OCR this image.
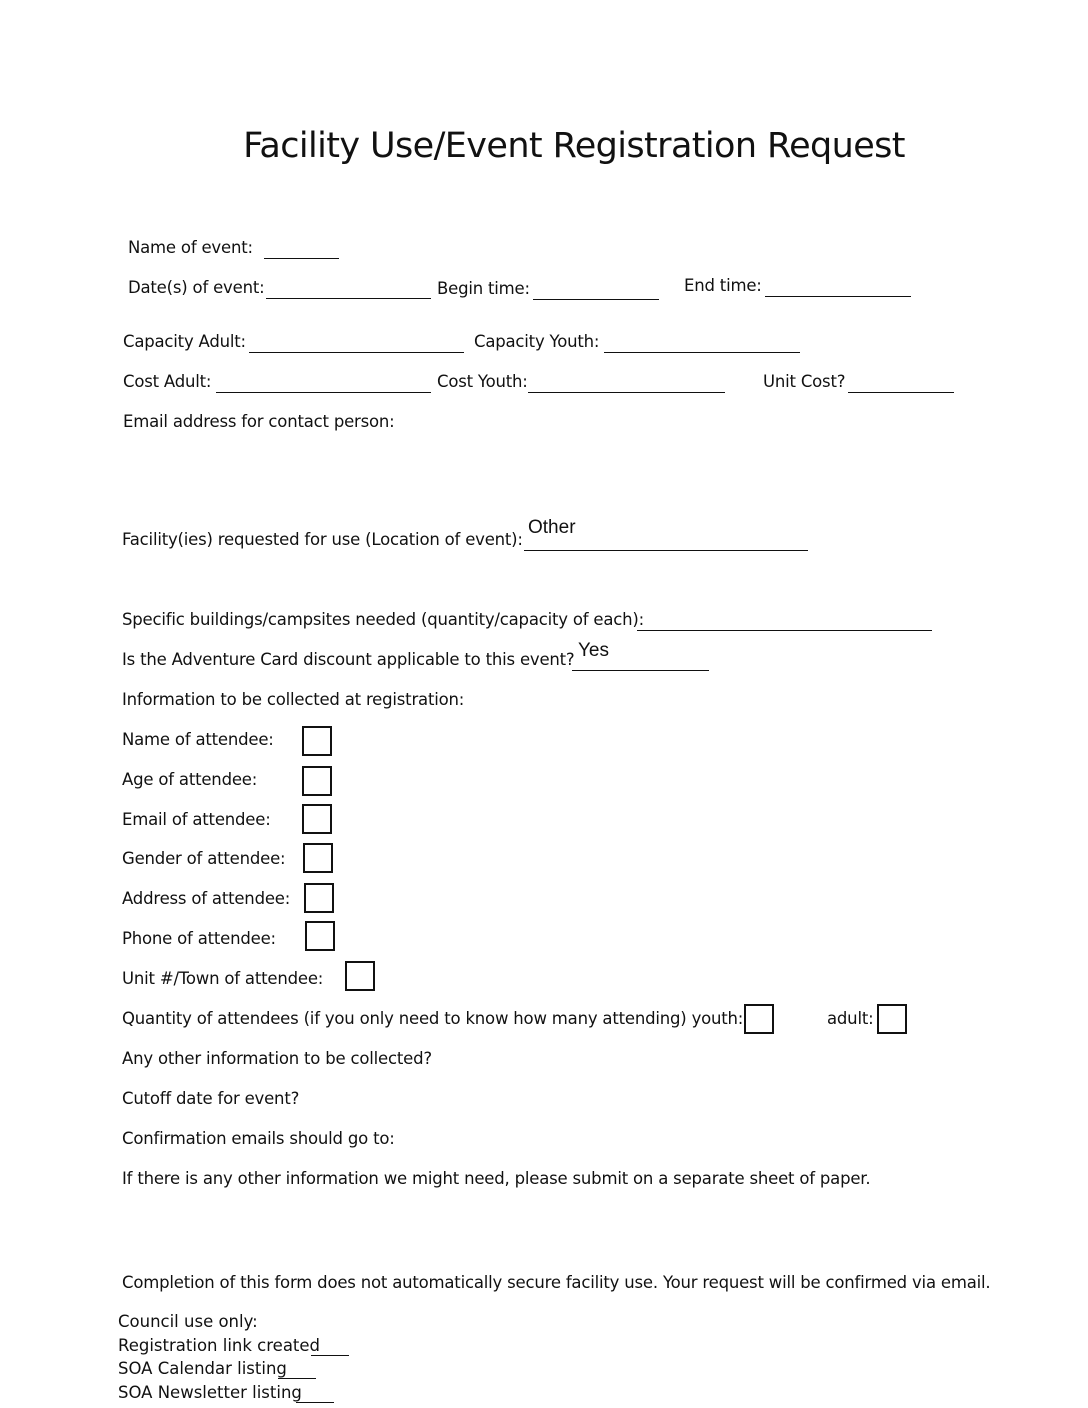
Facility Use/Event Registration Request
Name of event:
Date(s) of event:	Begin time:	End time:
Capacity Adult:	Capacity Youth:
Cost Adult:	Cost Youth:	Unit Cost?
Email address for contact person:
Facility(ies) requested for use (Location of event):
Other
Specific buildings/campsites needed (quantity/capacity of each):
Is the Adventure Card discount applicable to this event? Yes
Information to be collected at registration:
Name of attendee:
Age of attendee:
Email of attendee:
Gender of attendee:
Address of attendee:
Phone of attendee:
Unit #/Town of attendee:
Quantity of attendees (if you only need to know how many attending) youth:	adult:
Any other information to be collected?
Cutoff date for event?
Confirmation emails should go to:
If there is any other information we might need, please submit on a separate sheet of paper.
Completion of this form does not automatically secure facility use. Your request will be confirmed via email.
Council use only:
Registration link created
SOA Calendar listing
SOA Newsletter listing
